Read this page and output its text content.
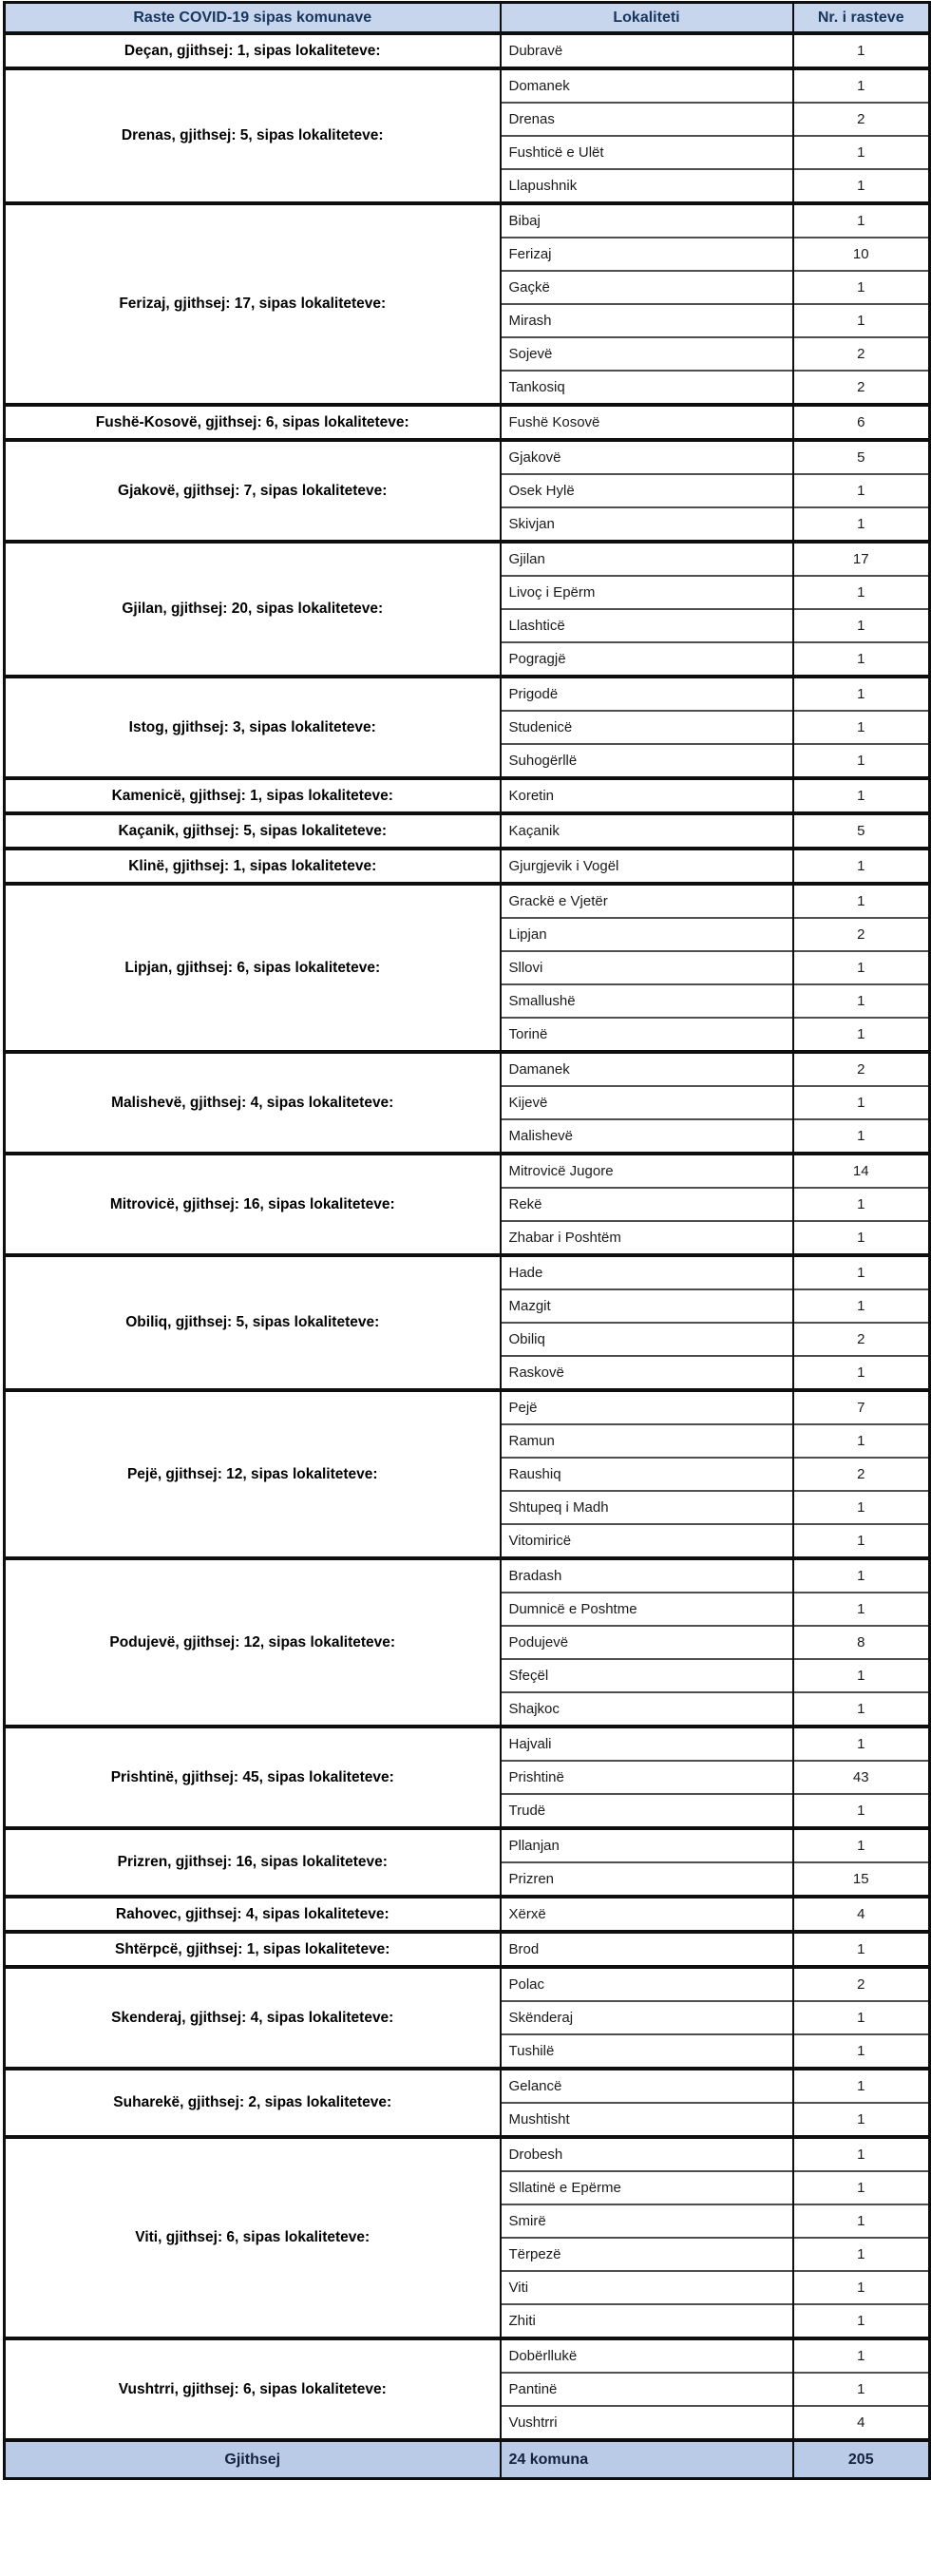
Raste COVID-19 sipas komunave	Lokaliteti	Nr. i rasteve
Deçan, gjithsej: 1, sipas lokaliteteve:	Dubravë	1
Drenas, gjithsej: 5, sipas lokaliteteve:	Domanek	1
	Drenas	2
	Fushticë e Ulët	1
	Llapushnik	1
Ferizaj, gjithsej: 17, sipas lokaliteteve:	Bibaj	1
	Ferizaj	10
	Gaçkë	1
	Mirash	1
	Sojevë	2
	Tankosiq	2
Fushë-Kosovë, gjithsej: 6, sipas lokaliteteve:	Fushë Kosovë	6
Gjakovë, gjithsej: 7, sipas lokaliteteve:	Gjakovë	5
	Osek Hylë	1
	Skivjan	1
Gjilan, gjithsej: 20, sipas lokaliteteve:	Gjilan	17
	Livoç i Epërm	1
	Llashticë	1
	Pogragjë	1
Istog, gjithsej: 3, sipas lokaliteteve:	Prigodë	1
	Studenicë	1
	Suhogërllë	1
Kamenicë, gjithsej: 1, sipas lokaliteteve:	Koretin	1
Kaçanik, gjithsej: 5, sipas lokaliteteve:	Kaçanik	5
Klinë, gjithsej: 1, sipas lokaliteteve:	Gjurgjevik i Vogël	1
Lipjan, gjithsej: 6, sipas lokaliteteve:	Grackë e Vjetër	1
	Lipjan	2
	Sllovi	1
	Smallushë	1
	Torinë	1
Malishevë, gjithsej: 4, sipas lokaliteteve:	Damanek	2
	Kijevë	1
	Malishevë	1
Mitrovicë, gjithsej: 16, sipas lokaliteteve:	Mitrovicë Jugore	14
	Rekë	1
	Zhabar i Poshtëm	1
Obiliq, gjithsej: 5, sipas lokaliteteve:	Hade	1
	Mazgit	1
	Obiliq	2
	Raskovë	1
Pejë, gjithsej: 12, sipas lokaliteteve:	Pejë	7
	Ramun	1
	Raushiq	2
	Shtupeq i Madh	1
	Vitomiricë	1
Podujevë, gjithsej: 12, sipas lokaliteteve:	Bradash	1
	Dumnicë e Poshtme	1
	Podujevë	8
	Sfeçël	1
	Shajkoc	1
Prishtinë, gjithsej: 45, sipas lokaliteteve:	Hajvali	1
	Prishtinë	43
	Trudë	1
Prizren, gjithsej: 16, sipas lokaliteteve:	Pllanjan	1
	Prizren	15
Rahovec, gjithsej: 4, sipas lokaliteteve:	Xërxë	4
Shtërpcë, gjithsej: 1, sipas lokaliteteve:	Brod	1
Skenderaj, gjithsej: 4, sipas lokaliteteve:	Polac	2
	Skënderaj	1
	Tushilë	1
Suharekë, gjithsej: 2, sipas lokaliteteve:	Gelancë	1
	Mushtisht	1
Viti, gjithsej: 6, sipas lokaliteteve:	Drobesh	1
	Sllatinë e Epërme	1
	Smirë	1
	Tërpezë	1
	Viti	1
	Zhiti	1
Vushtrri, gjithsej: 6, sipas lokaliteteve:	Dobërllukë	1
	Pantinë	1
	Vushtrri	4
Gjithsej	24 komuna	205
